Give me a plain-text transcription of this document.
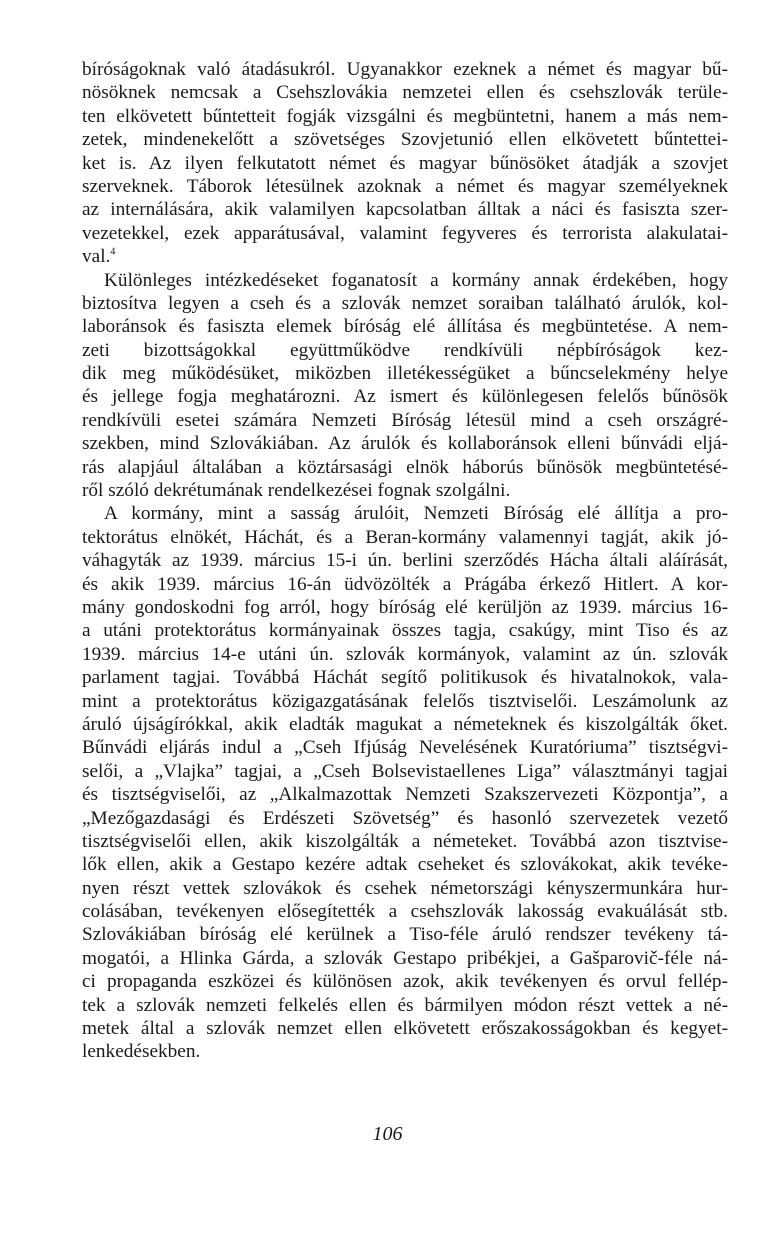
bíróságoknak való átadásukról. Ugyanakkor ezeknek a német és magyar bű-
nösöknek nemcsak a Csehszlovákia nemzetei ellen és csehszlovák terüle-
ten elkövetett bűntetteit fogják vizsgálni és megbüntetni, hanem a más nem-
zetek, mindenekelőtt a szövetséges Szovjetunió ellen elkövetett bűntettei-
ket is. Az ilyen felkutatott német és magyar bűnösöket átadják a szovjet
szerveknek. Táborok létesülnek azoknak a német és magyar személyeknek
az internálására, akik valamilyen kapcsolatban álltak a náci és fasiszta szer-
vezetekkel, ezek apparátusával, valamint fegyveres és terrorista alakulatai-
val.$^4$
Különleges intézkedéseket foganatosít a kormány annak érdekében, hogy
biztosítva legyen a cseh és a szlovák nemzet soraiban található árulók, kol-
laboránsok és fasiszta elemek bíróság elé állítása és megbüntetése. A nem-
zeti bizottságokkal együttműködve rendkívüli népbíróságok kez-
dik meg működésüket, miközben illetékességüket a bűncselekmény helye
és jellege fogja meghatározni. Az ismert és különlegesen felelős bűnösök
rendkívüli esetei számára Nemzeti Bíróság létesül mind a cseh országré-
szekben, mind Szlovákiában. Az árulók és kollaboránsok elleni bűnvádi eljá-
rás alapjául általában a köztársasági elnök háborús bűnösök megbüntetésé-
ről szóló dekrétumának rendelkezései fognak szolgálni.
A kormány, mint a sasság árulóit, Nemzeti Bíróság elé állítja a pro-
tektorátus elnökét, Háchát, és a Beran-kormány valamennyi tagját, akik jó-
váhagyták az 1939. március 15-i ún. berlini szerződés Hácha általi aláírását,
és akik 1939. március 16-án üdvözölték a Prágába érkező Hitlert. A kor-
mány gondoskodni fog arról, hogy bíróság elé kerüljön az 1939. március 16-
a utáni protektorátus kormányainak összes tagja, csakúgy, mint Tiso és az
1939. március 14-e utáni ún. szlovák kormányok, valamint az ún. szlovák
parlament tagjai. Továbbá Háchát segítő politikusok és hivatalnokok, vala-
mint a protektorátus közigazgatásának felelős tisztviselői. Leszámolunk az
áruló újságírókkal, akik eladták magukat a németeknek és kiszolgálták őket.
Bűnvádi eljárás indul a „Cseh Ifjúság Nevelésének Kuratóriuma” tisztségvi-
selői, a „Vlajka” tagjai, a „Cseh Bolsevistaellenes Liga” választmányi tagjai
és tisztségviselői, az „Alkalmazottak Nemzeti Szakszervezeti Központja”, a
„Mezőgazdasági és Erdészeti Szövetség” és hasonló szervezetek vezető
tisztségviselői ellen, akik kiszolgálták a németeket. Továbbá azon tisztvise-
lők ellen, akik a Gestapo kezére adtak cseheket és szlovákokat, akik tevéke-
nyen részt vettek szlovákok és csehek németországi kényszermunkára hur-
colásában, tevékenyen elősegítették a csehszlovák lakosság evakuálását stb.
Szlovákiában bíróság elé kerülnek a Tiso-féle áruló rendszer tevékeny tá-
mogatói, a Hlinka Gárda, a szlovák Gestapo pribékjei, a Gašparovič-féle ná-
ci propaganda eszközei és különösen azok, akik tevékenyen és orvul fellép-
tek a szlovák nemzeti felkelés ellen és bármilyen módon részt vettek a né-
metek által a szlovák nemzet ellen elkövetett erőszakosságokban és kegyet-
lenkedésekben.
106
